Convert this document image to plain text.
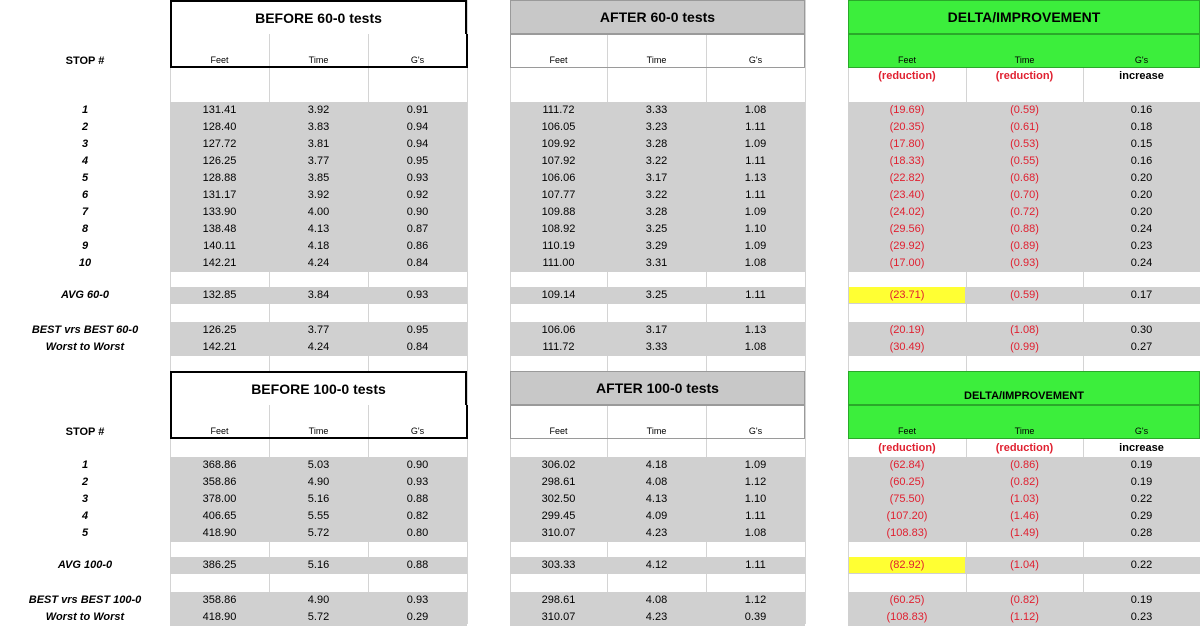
BEFORE 60-0 tests	AFTER 60-0 tests	DELTA/IMPROVEMENT
STOP #	Feet	Time	G's	Feet	Time	G's	Feet	Time	G's
(reduction)	(reduction)	increase
1	131.41	3.92	0.91	111.72	3.33	1.08	(19.69)	(0.59)	0.16
2	128.40	3.83	0.94	106.05	3.23	1.11	(20.35)	(0.61)	0.18
3	127.72	3.81	0.94	109.92	3.28	1.09	(17.80)	(0.53)	0.15
4	126.25	3.77	0.95	107.92	3.22	1.11	(18.33)	(0.55)	0.16
5	128.88	3.85	0.93	106.06	3.17	1.13	(22.82)	(0.68)	0.20
6	131.17	3.92	0.92	107.77	3.22	1.11	(23.40)	(0.70)	0.20
7	133.90	4.00	0.90	109.88	3.28	1.09	(24.02)	(0.72)	0.20
8	138.48	4.13	0.87	108.92	3.25	1.10	(29.56)	(0.88)	0.24
9	140.11	4.18	0.86	110.19	3.29	1.09	(29.92)	(0.89)	0.23
10	142.21	4.24	0.84	111.00	3.31	1.08	(17.00)	(0.93)	0.24
AVG 60-0	132.85	3.84	0.93	109.14	3.25	1.11	(23.71)	(0.59)	0.17
BEST vrs BEST 60-0	126.25	3.77	0.95	106.06	3.17	1.13	(20.19)	(1.08)	0.30
Worst to Worst	142.21	4.24	0.84	111.72	3.33	1.08	(30.49)	(0.99)	0.27
BEFORE 100-0 tests	AFTER 100-0 tests	DELTA/IMPROVEMENT
STOP #	Feet	Time	G's	Feet	Time	G's	Feet	Time	G's
(reduction)	(reduction)	increase
1	368.86	5.03	0.90	306.02	4.18	1.09	(62.84)	(0.86)	0.19
2	358.86	4.90	0.93	298.61	4.08	1.12	(60.25)	(0.82)	0.19
3	378.00	5.16	0.88	302.50	4.13	1.10	(75.50)	(1.03)	0.22
4	406.65	5.55	0.82	299.45	4.09	1.11	(107.20)	(1.46)	0.29
5	418.90	5.72	0.80	310.07	4.23	1.08	(108.83)	(1.49)	0.28
AVG 100-0	386.25	5.16	0.88	303.33	4.12	1.11	(82.92)	(1.04)	0.22
BEST vrs BEST 100-0	358.86	4.90	0.93	298.61	4.08	1.12	(60.25)	(0.82)	0.19
Worst to Worst	418.90	5.72	0.29	310.07	4.23	0.39	(108.83)	(1.12)	0.23
